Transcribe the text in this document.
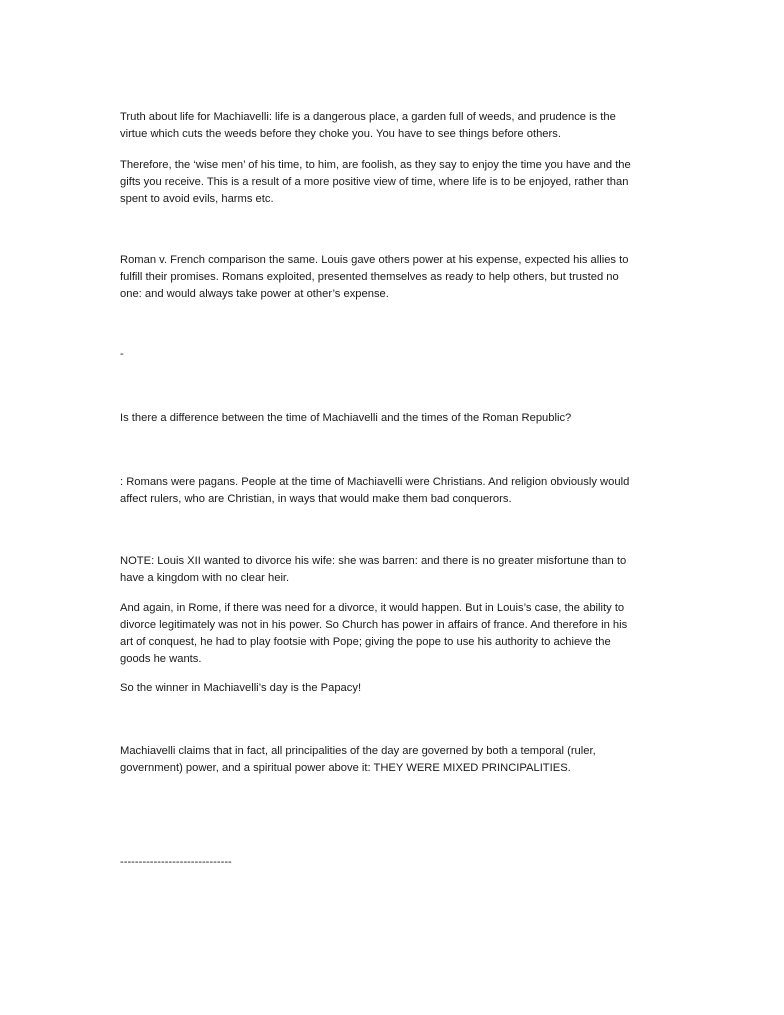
Truth about life for Machiavelli: life is a dangerous place, a garden full of weeds, and prudence is the
virtue which cuts the weeds before they choke you. You have to see things before others.

Therefore, the ‘wise men’ of his time, to him, are foolish, as they say to enjoy the time you have and the
gifts you receive. This is a result of a more positive view of time, where life is to be enjoyed, rather than
spent to avoid evils, harms etc.

Roman v. French comparison the same. Louis gave others power at his expense, expected his allies to
fulfill their promises. Romans exploited, presented themselves as ready to help others, but trusted no
one: and would always take power at other’s expense.

-

Is there a difference between the time of Machiavelli and the times of the Roman Republic?

: Romans were pagans. People at the time of Machiavelli were Christians. And religion obviously would
affect rulers, who are Christian, in ways that would make them bad conquerors.

NOTE: Louis XII wanted to divorce his wife: she was barren: and there is no greater misfortune than to
have a kingdom with no clear heir.

And again, in Rome, if there was need for a divorce, it would happen. But in Louis’s case, the ability to
divorce legitimately was not in his power. So Church has power in affairs of france. And therefore in his
art of conquest, he had to play footsie with Pope; giving the pope to use his authority to achieve the
goods he wants.

So the winner in Machiavelli’s day is the Papacy!

Machiavelli claims that in fact, all principalities of the day are governed by both a temporal (ruler,
government) power, and a spiritual power above it: THEY WERE MIXED PRINCIPALITIES.

------------------------------
